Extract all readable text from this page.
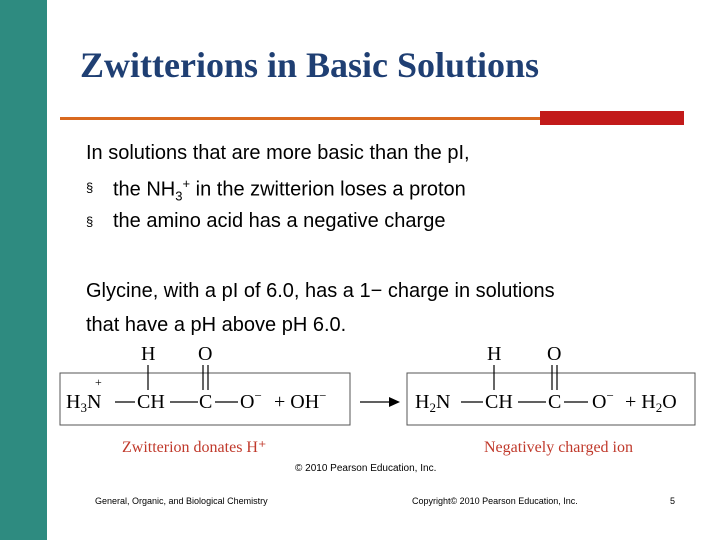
Zwitterions in Basic Solutions
In solutions that are more basic than the pI,
§ the $NH_3^+$ in the zwitterion loses a proton
§ the amino acid has a negative charge
Glycine, with a pI of 6.0, has a 1− charge in solutions
that have a pH above pH 6.0.
H O
+
$H_3N$ CH C O− + OH−
H O
$H_2N$ CH C $O^- + H_2O$
Zwitterion donates H⁺	Negatively charged ion
© 2010 Pearson Education, Inc.
General, Organic, and Biological Chemistry	Copyright© 2010 Pearson Education, Inc.	5
